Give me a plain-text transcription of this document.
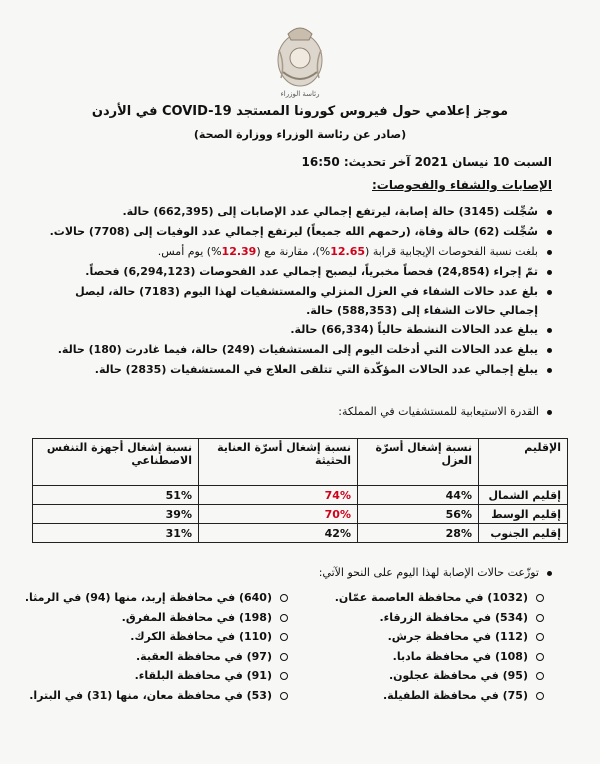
رئاسة الوزراء
موجز إعلامي حول فيروس كورونا المستجد COVID-19 في الأردن
(صادر عن رئاسة الوزراء ووزارة الصحة)
السبت 10 نيسان 2021 آخر تحديث: 16:50
الإصابات والشفاء والفحوصات:
سُجِّلت (3145) حالة إصابة، ليرتفع إجمالي عدد الإصابات إلى (662,395) حالة.
سُجِّلت (62) حالة وفاة، (رحمهم الله جميعاً) ليرتفع إجمالي عدد الوفيات إلى (7708) حالات.
بلغت نسبة الفحوصات الإيجابية قرابة (12.65%)، مقارنة مع (12.39%) يوم أمس.
تمّ إجراء (24,854) فحصاً مخبرياً، ليصبح إجمالي عدد الفحوصات (6,294,123) فحصاً.
بلغ عدد حالات الشفاء في العزل المنزلي والمستشفيات لهذا اليوم (7183) حالة، ليصل إجمالي حالات الشفاء إلى (588,353) حالة.
يبلغ عدد الحالات النشطة حالياً (66,334) حالة.
يبلغ عدد الحالات التي أدخلت اليوم إلى المستشفيات (249) حالة، فيما غادرت (180) حالة.
يبلغ إجمالي عدد الحالات المؤكّدة التي تتلقى العلاج في المستشفيات (2835) حالة.
القدرة الاستيعابية للمستشفيات في المملكة:
الإقليم	نسبة إشغال أسرّة العزل	نسبة إشغال أسرّة العناية الحثيثة	نسبة إشغال أجهزة التنفس الاصطناعي
إقليم الشمال	44%	74%	51%
إقليم الوسط	56%	70%	39%
إقليم الجنوب	28%	42%	31%
توزّعت حالات الإصابة لهذا اليوم على النحو الآتي:
(1032) في محافظة العاصمة عمّان.
(534) في محافظة الزرقاء.
(112) في محافظة جرش.
(108) في محافظة مادبا.
(95) في محافظة عجلون.
(75) في محافظة الطفيلة.
(640) في محافظة إربد، منها (94) في الرمثا.
(198) في محافظة المفرق.
(110) في محافظة الكرك.
(97) في محافظة العقبة.
(91) في محافظة البلقاء.
(53) في محافظة معان، منها (31) في البترا.
